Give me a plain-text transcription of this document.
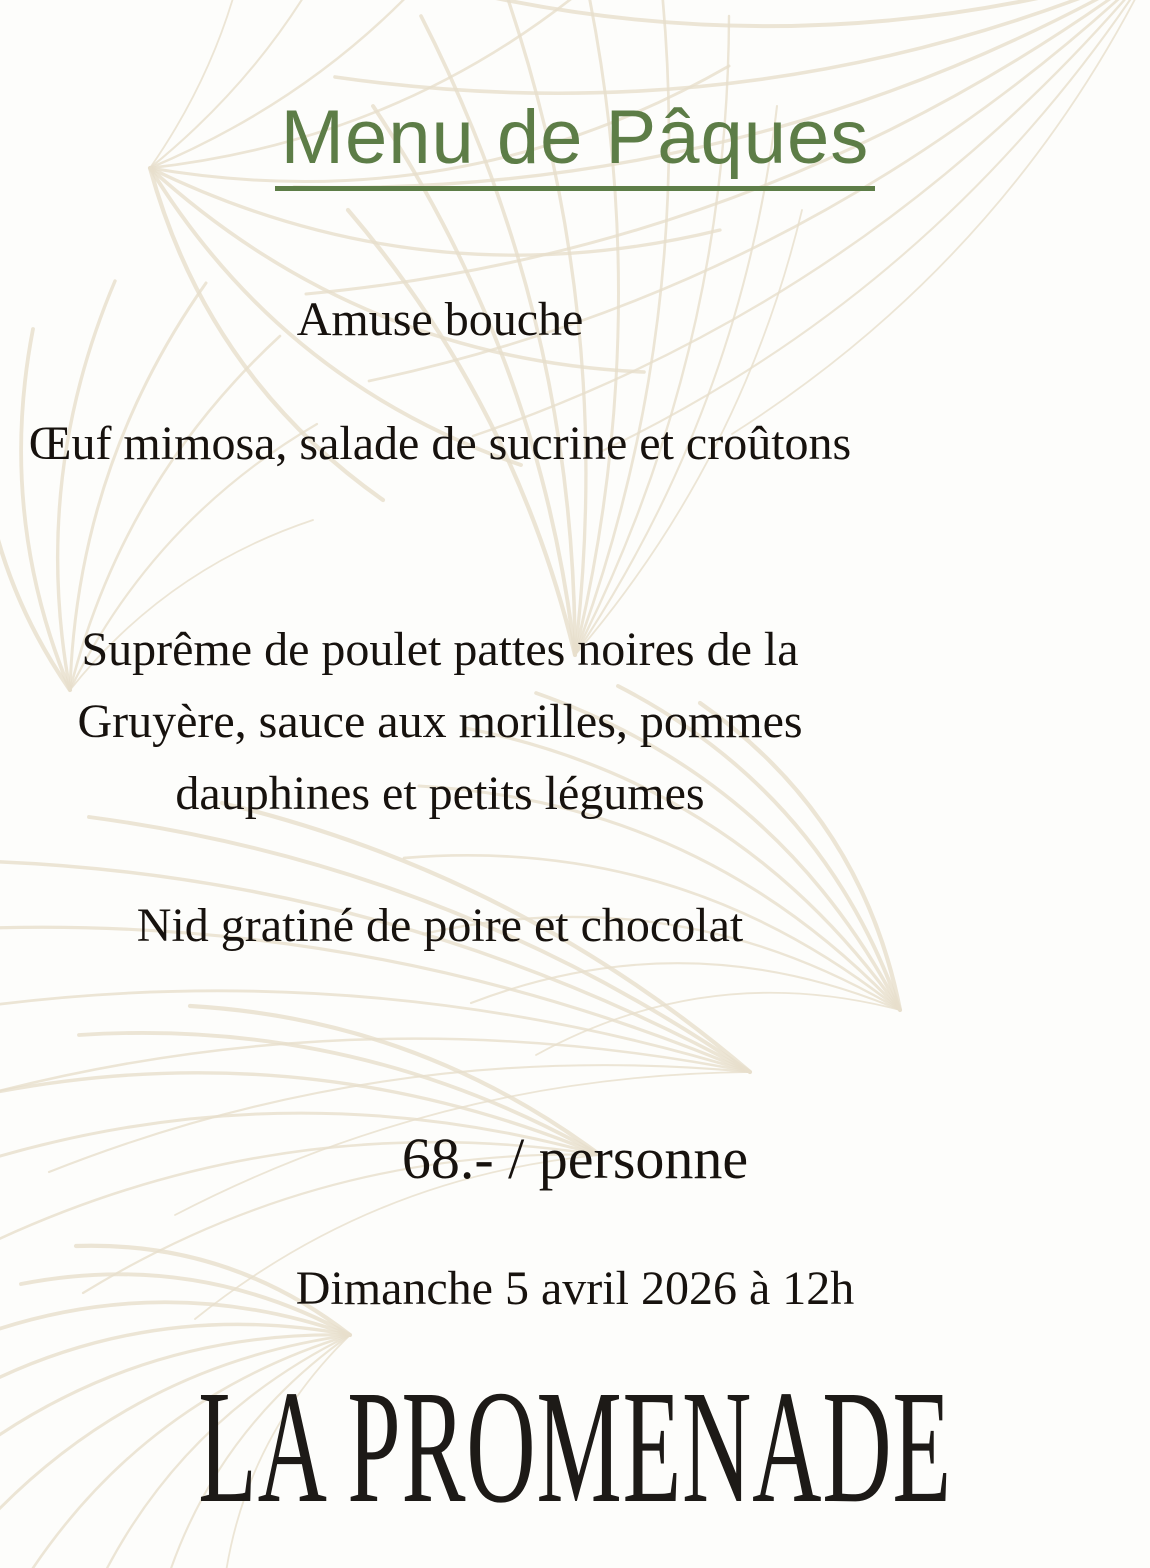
Menu de Pâques

Amuse bouche

Œuf mimosa, salade de sucrine et croûtons

Suprême de poulet pattes noires de la Gruyère, sauce aux morilles, pommes dauphines et petits légumes

Nid gratiné de poire et chocolat

68.- / personne

Dimanche 5 avril 2026 à 12h

LA PROMENADE
